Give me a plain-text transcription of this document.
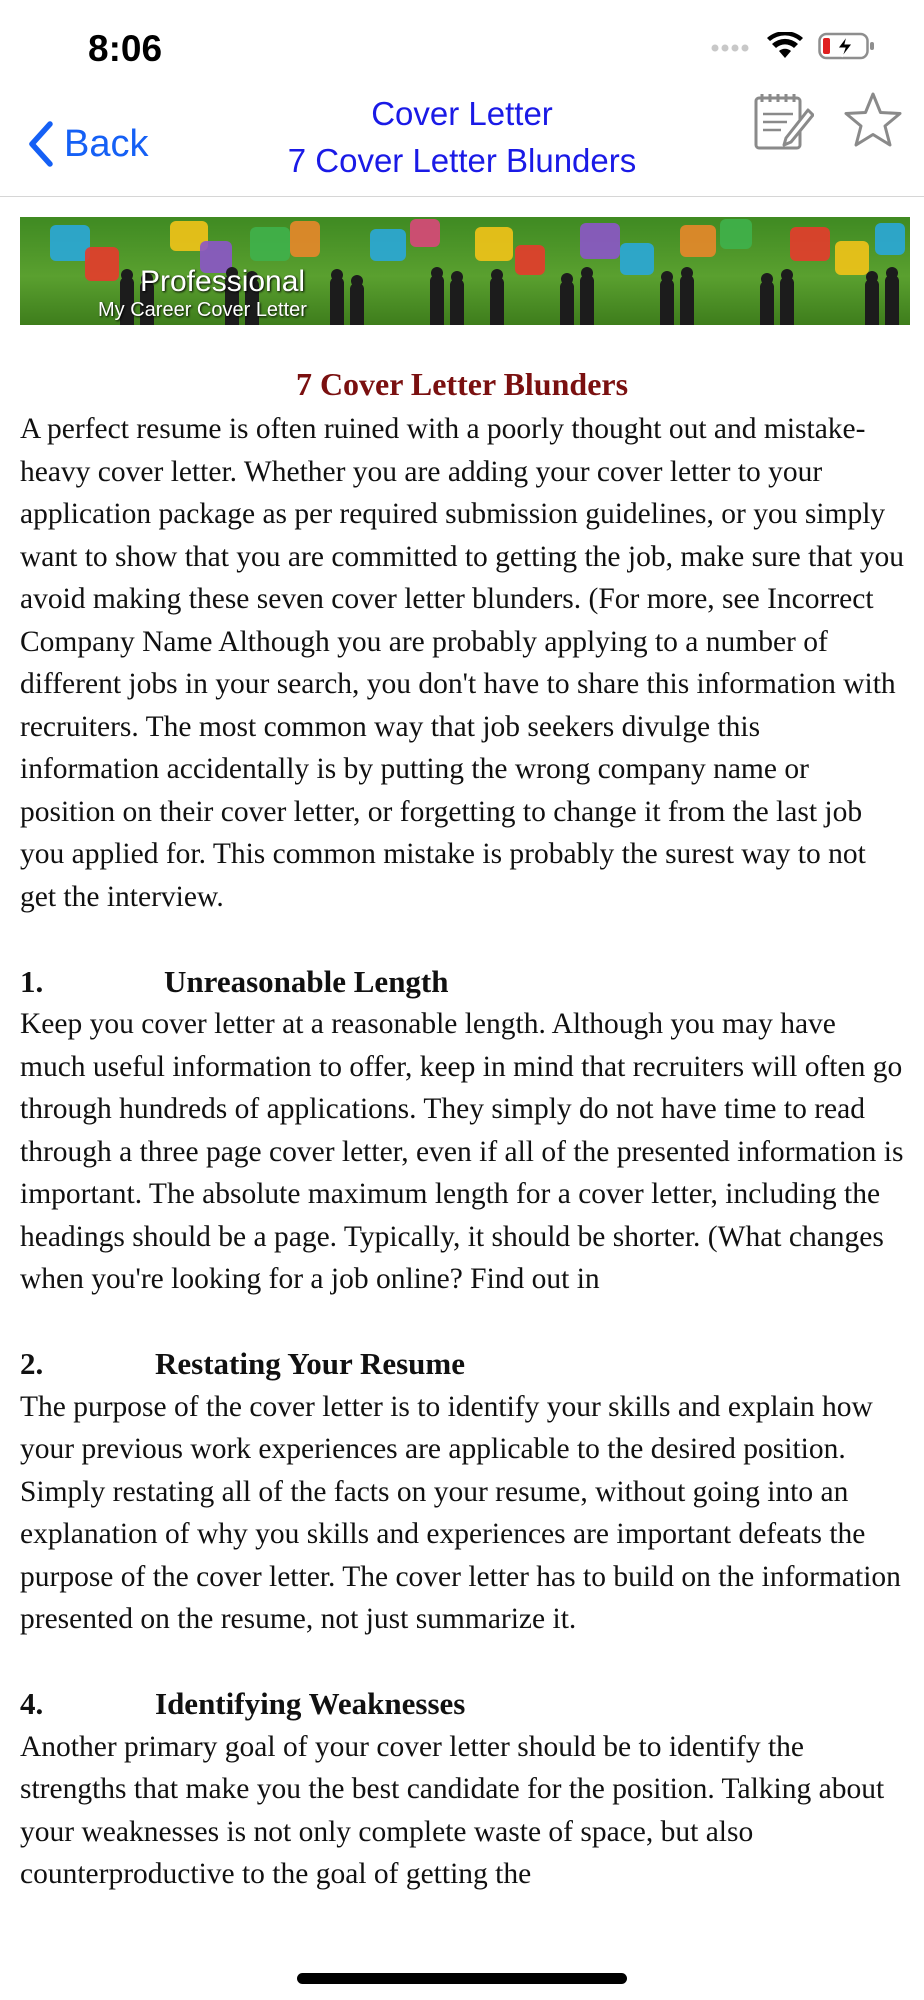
8:06
Back
Cover Letter
7 Cover Letter Blunders
Professional
My Career Cover Letter
7 Cover Letter Blunders

A perfect resume is often ruined with a poorly thought out and mistake-heavy cover letter. Whether you are adding your cover letter to your application package as per required submission guidelines, or you simply want to show that you are committed to getting the job, make sure that you avoid making these seven cover letter blunders. (For more, see Incorrect Company Name Although you are probably applying to a number of different jobs in your search, you don't have to share this information with recruiters. The most common way that job seekers divulge this information accidentally is by putting the wrong company name or position on their cover letter, or forgetting to change it from the last job you applied for. This common mistake is probably the surest way to not get the interview.

1.	Unreasonable Length

Keep you cover letter at a reasonable length. Although you may have much useful information to offer, keep in mind that recruiters will often go through hundreds of applications. They simply do not have time to read through a three page cover letter, even if all of the presented information is important. The absolute maximum length for a cover letter, including the headings should be a page. Typically, it should be shorter. (What changes when you're looking for a job online? Find out in

2.	Restating Your Resume

The purpose of the cover letter is to identify your skills and explain how your previous work experiences are applicable to the desired position. Simply restating all of the facts on your resume, without going into an explanation of why you skills and experiences are important defeats the purpose of the cover letter. The cover letter has to build on the information presented on the resume, not just summarize it.

4.	Identifying Weaknesses

Another primary goal of your cover letter should be to identify the strengths that make you the best candidate for the position. Talking about your weaknesses is not only complete waste of space, but also counterproductive to the goal of getting the
